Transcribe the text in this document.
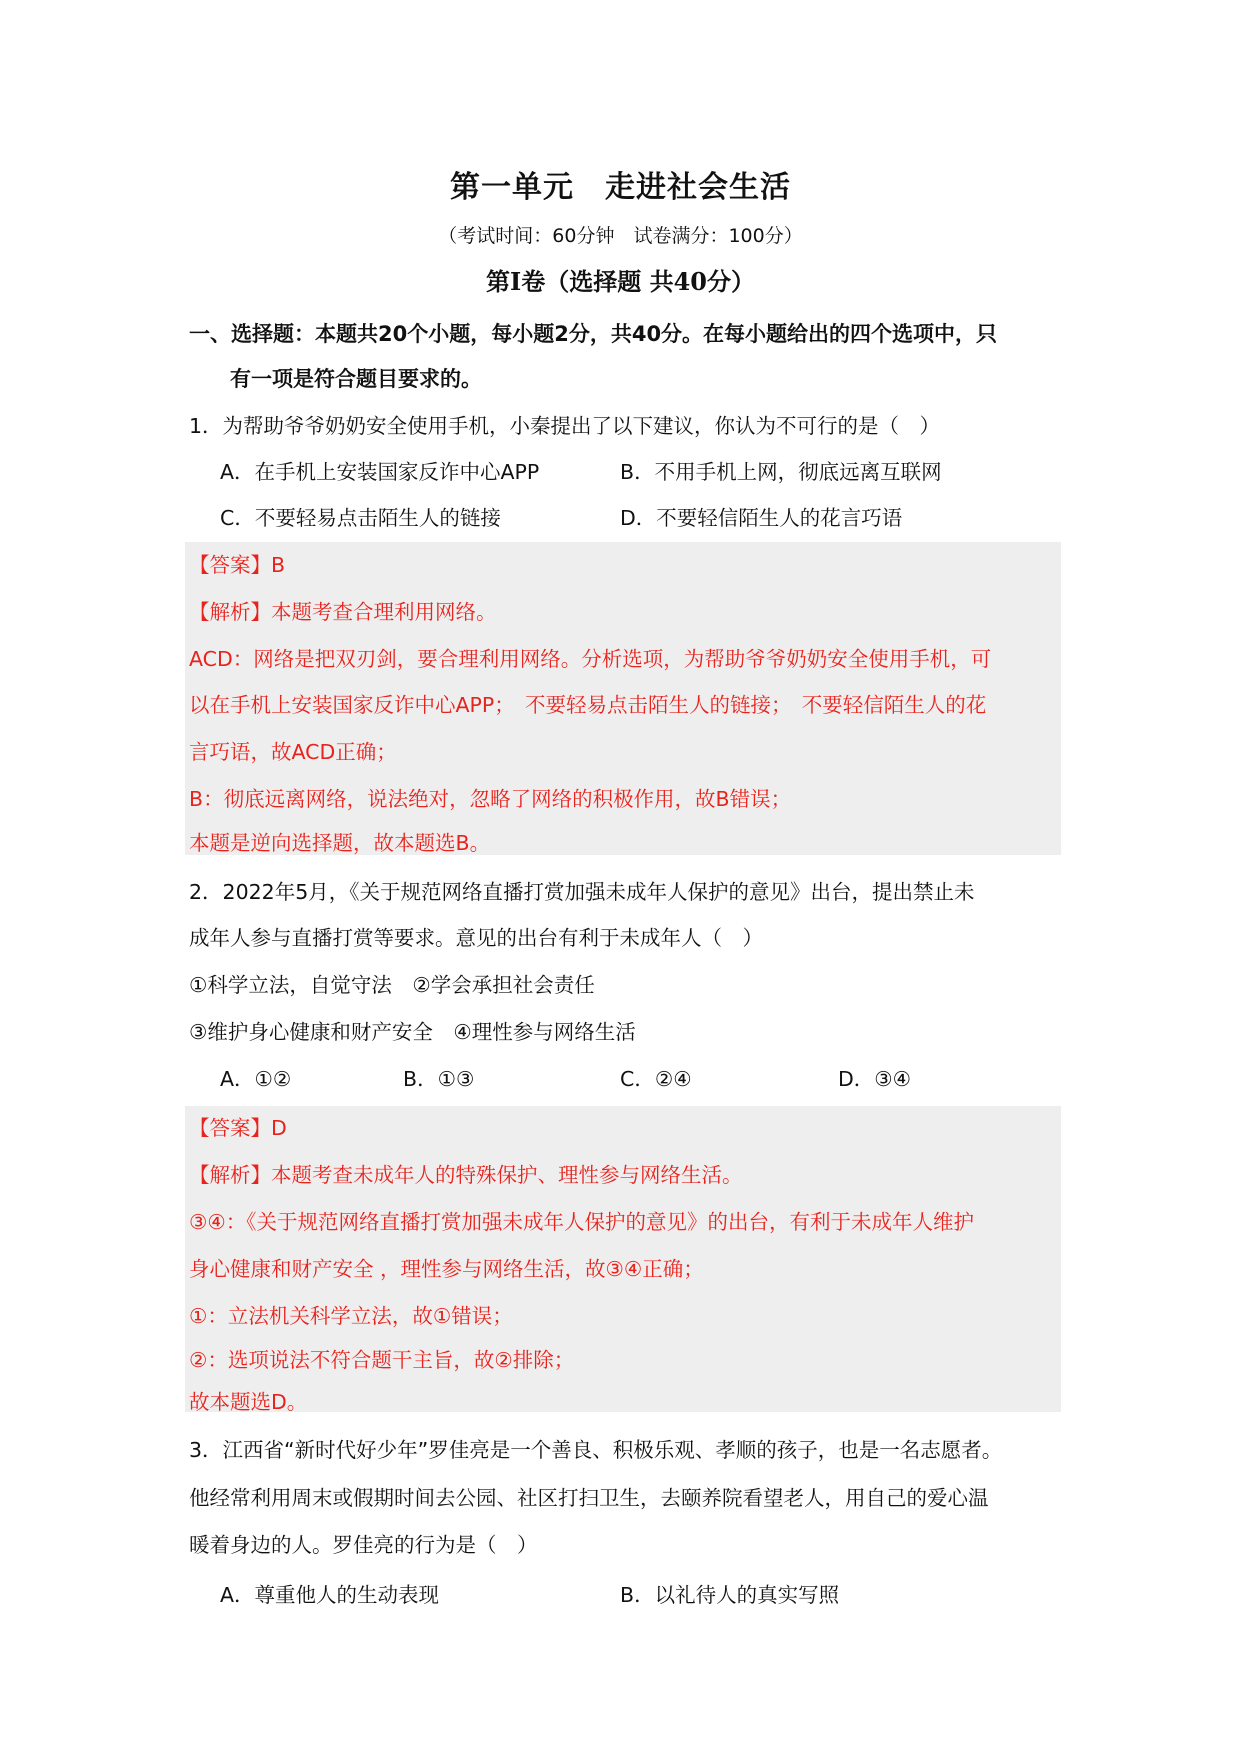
第一单元　走进社会生活
（考试时间：60分钟　试卷满分：100分）
第Ⅰ卷（选择题 共40分）
一、选择题：本题共20个小题，每小题2分，共40分。在每小题给出的四个选项中，只
有一项是符合题目要求的。
1．为帮助爷爷奶奶安全使用手机，小秦提出了以下建议，你认为不可行的是（　）
A．在手机上安装国家反诈中心APP	B．不用手机上网，彻底远离互联网
C．不要轻易点击陌生人的链接	D．不要轻信陌生人的花言巧语
【答案】B
【解析】本题考查合理利用网络。
ACD：网络是把双刃剑，要合理利用网络。分析选项，为帮助爷爷奶奶安全使用手机，可
以在手机上安装国家反诈中心APP；　不要轻易点击陌生人的链接；　不要轻信陌生人的花
言巧语，故ACD正确；
B：彻底远离网络，说法绝对，忽略了网络的积极作用，故B错误；
本题是逆向选择题，故本题选B。
2．2022年5月，《关于规范网络直播打赏加强未成年人保护的意见》出台，提出禁止未
成年人参与直播打赏等要求。意见的出台有利于未成年人（　）
①科学立法，自觉守法　②学会承担社会责任
③维护身心健康和财产安全　④理性参与网络生活
A．①②	B．①③	C．②④	D．③④
【答案】D
【解析】本题考查未成年人的特殊保护、理性参与网络生活。
③④：《关于规范网络直播打赏加强未成年人保护的意见》的出台，有利于未成年人维护
身心健康和财产安全 ，理性参与网络生活，故③④正确；
①：立法机关科学立法，故①错误；
②：选项说法不符合题干主旨，故②排除；
故本题选D。
3．江西省“新时代好少年”罗佳亮是一个善良、积极乐观、孝顺的孩子，也是一名志愿者。
他经常利用周末或假期时间去公园、社区打扫卫生，去颐养院看望老人，用自己的爱心温
暖着身边的人。罗佳亮的行为是（　）
A．尊重他人的生动表现	B．以礼待人的真实写照
